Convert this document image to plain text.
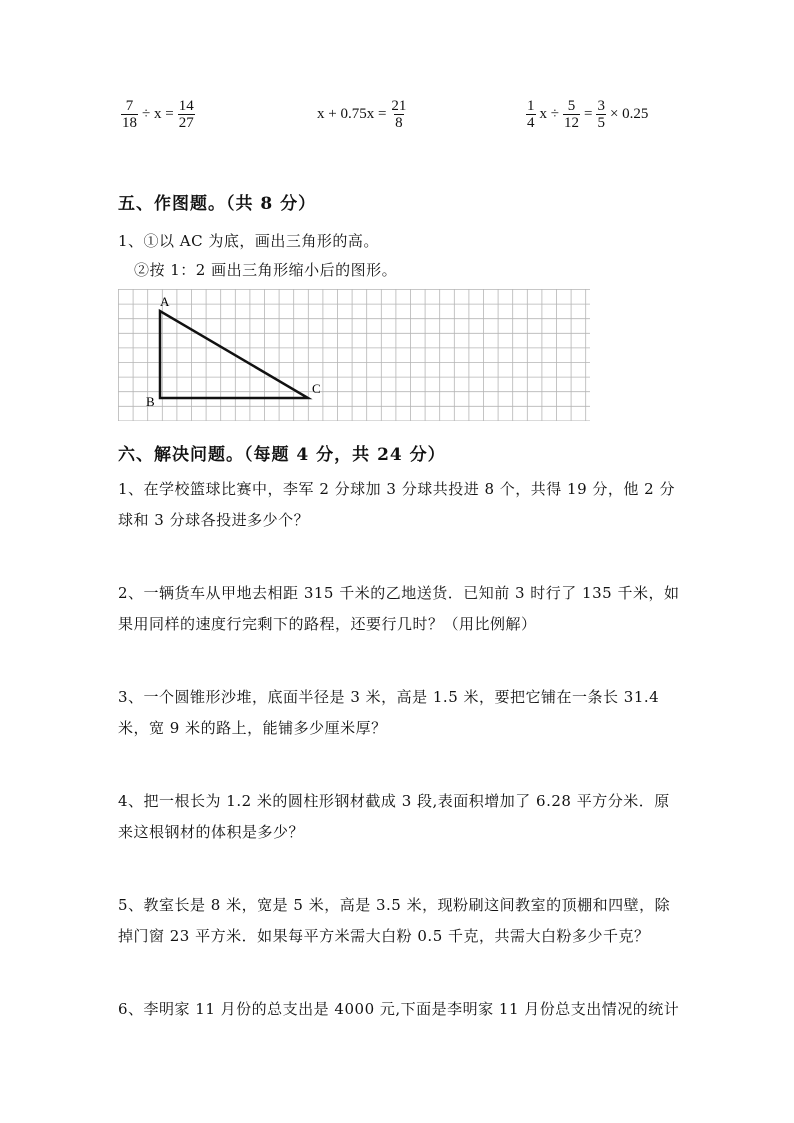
$\frac{7}{18} \div x = \frac{14}{27}$	$x + 0.75x = \frac{21}{8}$	$\frac{1}{4}$ $x \div \frac{5}{12} = \frac{3}{5} \times 0.25$
五、作图题。（共 8 分）
1、①以 AC 为底，画出三角形的高。
②按 1：2 画出三角形缩小后的图形。
A
B
C
六、解决问题。（每题 4 分，共 24 分）
1、在学校篮球比赛中，李军 2 分球加 3 分球共投进 8 个，共得 19 分，他 2 分
球和 3 分球各投进多少个？
2、一辆货车从甲地去相距 315 千米的乙地送货．已知前 3 时行了 135 千米，如
果用同样的速度行完剩下的路程，还要行几时？（用比例解）
3、一个圆锥形沙堆，底面半径是 3 米，高是 1.5 米，要把它铺在一条长 31.4
米，宽 9 米的路上，能铺多少厘米厚？
4、把一根长为 1.2 米的圆柱形钢材截成 3 段,表面积增加了 6.28 平方分米．原
来这根钢材的体积是多少？
5、教室长是 8 米，宽是 5 米，高是 3.5 米，现粉刷这间教室的顶棚和四壁，除
掉门窗 23 平方米．如果每平方米需大白粉 0.5 千克，共需大白粉多少千克？
6、李明家 11 月份的总支出是 4000 元,下面是李明家 11 月份总支出情况的统计
